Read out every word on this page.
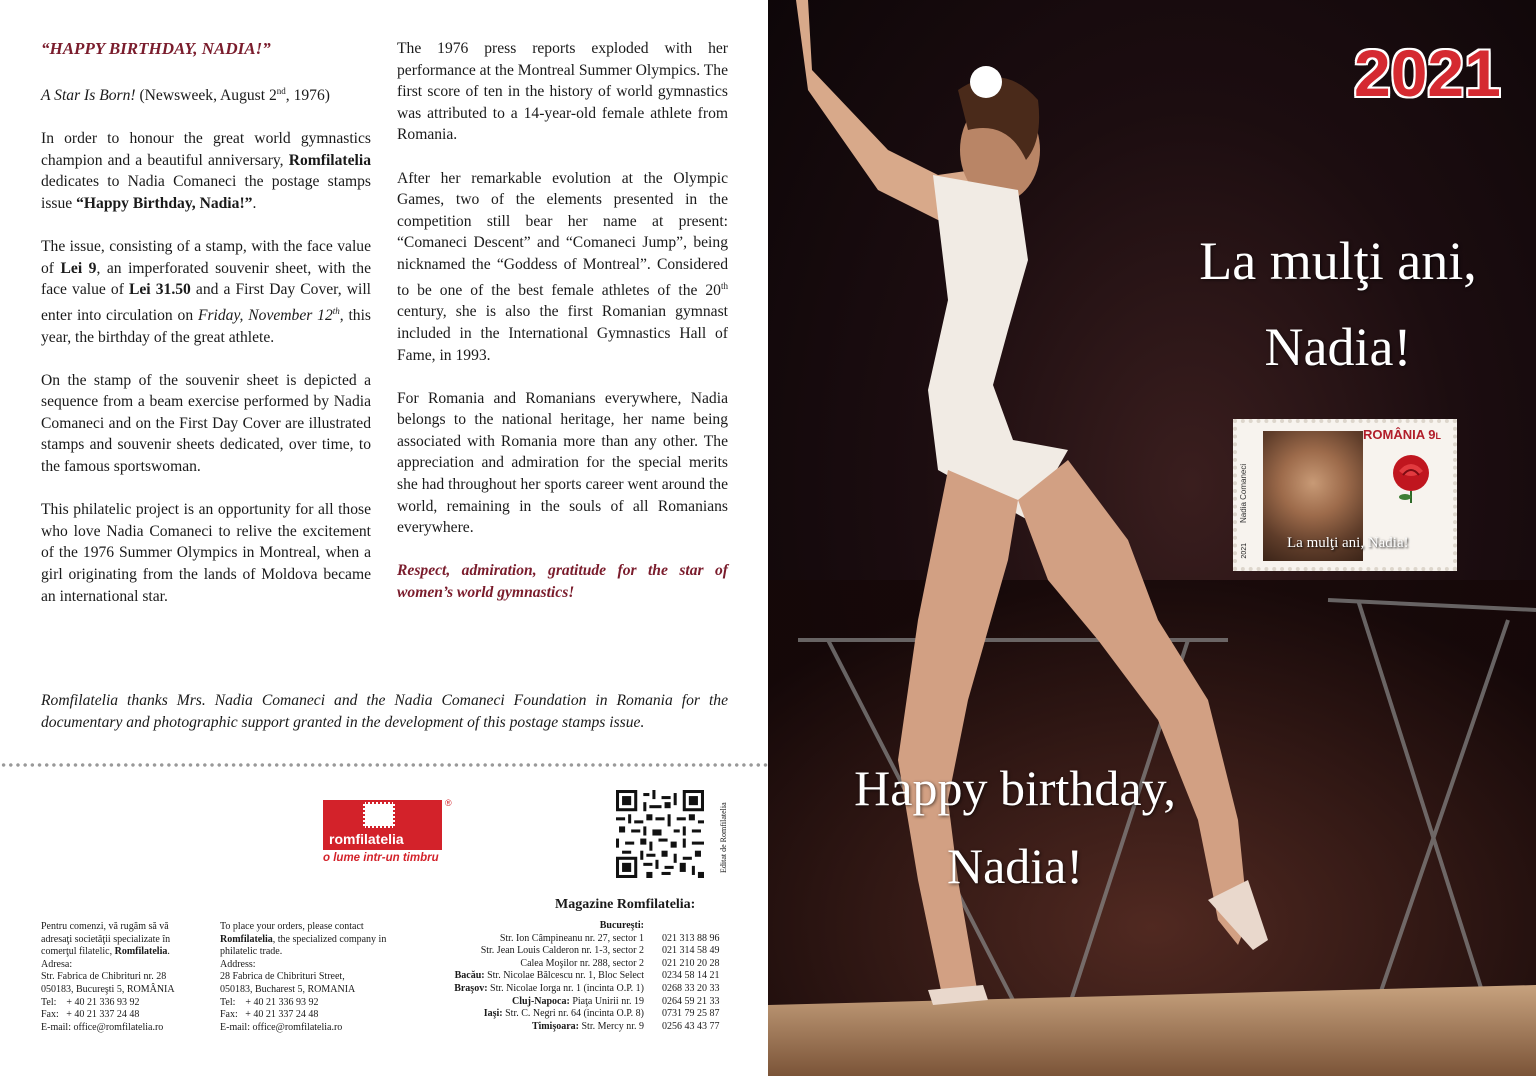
“HAPPY BIRTHDAY, NADIA!”

A Star Is Born! (Newsweek, August 2nd, 1976)

In order to honour the great world gymnastics champion and a beautiful anniversary, Romfilatelia dedicates to Nadia Comaneci the postage stamps issue “Happy Birthday, Nadia!”.

The issue, consisting of a stamp, with the face value of Lei 9, an imperforated souvenir sheet, with the face value of Lei 31.50 and a First Day Cover, will enter into circulation on Friday, November 12th, this year, the birthday of the great athlete.

On the stamp of the souvenir sheet is depicted a sequence from a beam exercise performed by Nadia Comaneci and on the First Day Cover are illustrated stamps and souvenir sheets dedicated, over time, to the famous sportswoman.

This philatelic project is an opportunity for all those who love Nadia Comaneci to relive the excitement of the 1976 Summer Olympics in Montreal, when a girl originating from the lands of Moldova became an international star.

The 1976 press reports exploded with her performance at the Montreal Summer Olympics. The first score of ten in the history of world gymnastics was attributed to a 14-year-old female athlete from Romania.

After her remarkable evolution at the Olympic Games, two of the elements presented in the competition still bear her name at present: “Comaneci Descent” and “Comaneci Jump”, being nicknamed the “Goddess of Montreal”. Considered to be one of the best female athletes of the 20th century, she is also the first Romanian gymnast included in the International Gymnastics Hall of Fame, in 1993.

For Romania and Romanians everywhere, Nadia belongs to the national heritage, her name being associated with Romania more than any other. The appreciation and admiration for the special merits she had throughout her sports career went around the world, remaining in the souls of all Romanians everywhere.

Respect, admiration, gratitude for the star of women’s world gymnastics!

Romfilatelia thanks Mrs. Nadia Comaneci and the Nadia Comaneci Foundation in Romania for the documentary and photographic support granted in the development of this postage stamps issue.
romfilatelia
®
o lume intr-un timbru	Editat de Romfilatelia
Pentru comenzi, vă rugăm să vă adresaţi societăţii specializate în comerţul filatelic, Romfilatelia.
Adresa:
Str. Fabrica de Chibrituri nr. 28
050183, Bucureşti 5, ROMÂNIA
Tel:    + 40 21 336 93 92
Fax:   + 40 21 337 24 48
E-mail: office@romfilatelia.ro
To place your orders, please contact Romfilatelia, the specialized company in philatelic trade.
Address:
28 Fabrica de Chibrituri Street,
050183, Bucharest 5, ROMANIA
Tel:    + 40 21 336 93 92
Fax:   + 40 21 337 24 48
E-mail: office@romfilatelia.ro
Magazine Romfilatelia:
Bucureşti:
Str. Ion Câmpineanu nr. 27, sector 1	021 313 88 96
Str. Jean Louis Calderon nr. 1-3, sector 2	021 314 58 49
Calea Moşilor nr. 288, sector 2	021 210 20 28
Bacău: Str. Nicolae Bălcescu nr. 1, Bloc Select	0234 58 14 21
Braşov: Str. Nicolae Iorga nr. 1 (incinta O.P. 1)	0268 33 20 33
Cluj-Napoca: Piaţa Unirii nr. 19	0264 59 21 33
Iaşi: Str. C. Negri nr. 64 (incinta O.P. 8)	0731 79 25 87
Timişoara: Str. Mercy nr. 9	0256 43 43 77
2021
La mulţi ani,
Nadia!
Nadia Comaneci
2021
ROMÂNIA 9L
La mulţi ani, Nadia!
Happy birthday,
Nadia!
